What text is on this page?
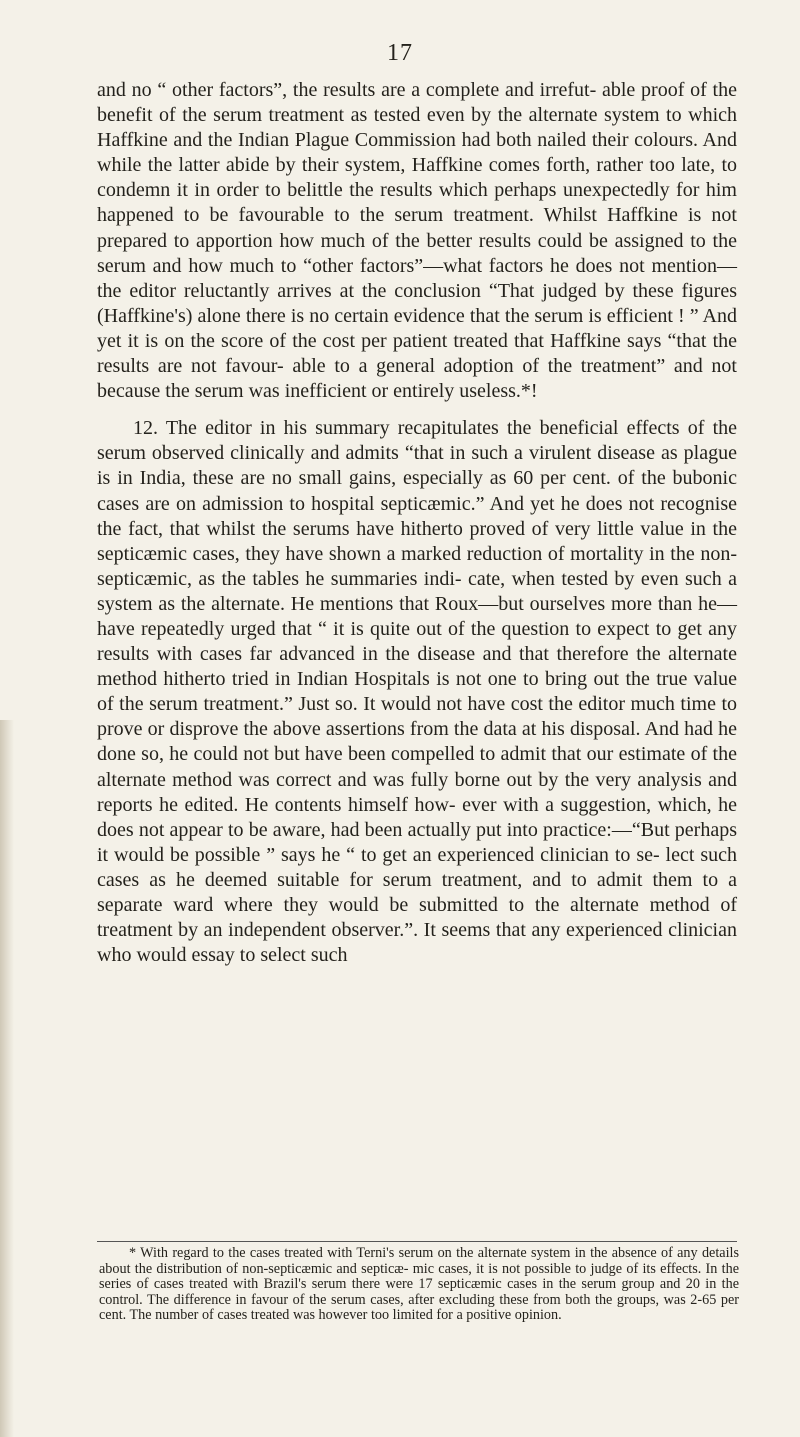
17

and no “ other factors”, the results are a complete and irrefut- able proof of the benefit of the serum treatment as tested even by the alternate system to which Haffkine and the Indian Plague Commission had both nailed their colours. And while the latter abide by their system, Haffkine comes forth, rather too late, to condemn it in order to belittle the results which perhaps unexpectedly for him happened to be favourable to the serum treatment. Whilst Haffkine is not prepared to apportion how much of the better results could be assigned to the serum and how much to “other factors”—what factors he does not mention—the editor reluctantly arrives at the conclusion “That judged by these figures (Haffkine's) alone there is no certain evidence that the serum is efficient ! ” And yet it is on the score of the cost per patient treated that Haffkine says “that the results are not favour- able to a general adoption of the treatment” and not because the serum was inefficient or entirely useless.*!

12. The editor in his summary recapitulates the beneficial effects of the serum observed clinically and admits “that in such a virulent disease as plague is in India, these are no small gains, especially as 60 per cent. of the bubonic cases are on admission to hospital septicæmic.” And yet he does not recognise the fact, that whilst the serums have hitherto proved of very little value in the septicæmic cases, they have shown a marked reduction of mortality in the non-septicæmic, as the tables he summaries indi- cate, when tested by even such a system as the alternate. He mentions that Roux—but ourselves more than he—have repeatedly urged that “ it is quite out of the question to expect to get any results with cases far advanced in the disease and that therefore the alternate method hitherto tried in Indian Hospitals is not one to bring out the true value of the serum treatment.” Just so. It would not have cost the editor much time to prove or disprove the above assertions from the data at his disposal. And had he done so, he could not but have been compelled to admit that our estimate of the alternate method was correct and was fully borne out by the very analysis and reports he edited. He contents himself how- ever with a suggestion, which, he does not appear to be aware, had been actually put into practice:—“But perhaps it would be possible ” says he “ to get an experienced clinician to se- lect such cases as he deemed suitable for serum treatment, and to admit them to a separate ward where they would be submitted to the alternate method of treatment by an independent observer.”. It seems that any experienced clinician who would essay to select such

* With regard to the cases treated with Terni's serum on the alternate system in the absence of any details about the distribution of non-septicæmic and septicæ- mic cases, it is not possible to judge of its effects. In the series of cases treated with Brazil's serum there were 17 septicæmic cases in the serum group and 20 in the control. The difference in favour of the serum cases, after excluding these from both the groups, was 2-65 per cent. The number of cases treated was however too limited for a positive opinion.
